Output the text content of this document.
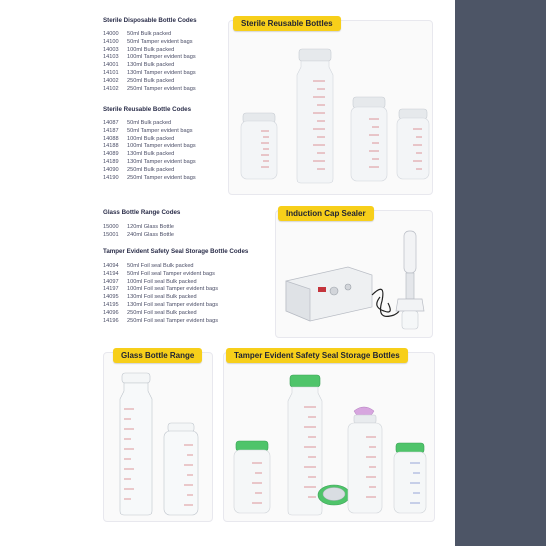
Sterile Disposable Bottle Codes
14000	50ml Bulk packed
14100	50ml Tamper evident bags
14003	100ml Bulk packed
14103	100ml Tamper evident bags
14001	130ml Bulk packed
14101	130ml Tamper evident bags
14002	250ml Bulk packed
14102	250ml Tamper evident bags
Sterile Reusable Bottle Codes
14087	50ml Bulk packed
14187	50ml Tamper evident bags
14088	100ml Bulk packed
14188	100ml Tamper evident bags
14089	130ml Bulk packed
14189	130ml Tamper evident bags
14090	250ml Bulk packed
14190	250ml Tamper evident bags
Glass Bottle Range Codes
15000	120ml Glass Bottle
15001	240ml Glass Bottle
Tamper Evident Safety Seal Storage Bottle Codes
14094	50ml Foil seal Bulk packed
14194	50ml Foil seal Tamper evident bags
14097	100ml Foil seal Bulk packed
14197	100ml Foil seal Tamper evident bags
14095	130ml Foil seal Bulk packed
14195	130ml Foil seal Tamper evident bags
14096	250ml Foil seal Bulk packed
14196	250ml Foil seal Tamper evident bags
Sterile Reusable Bottles
Induction Cap Sealer
Glass Bottle Range	Tamper Evident Safety Seal Storage Bottles
